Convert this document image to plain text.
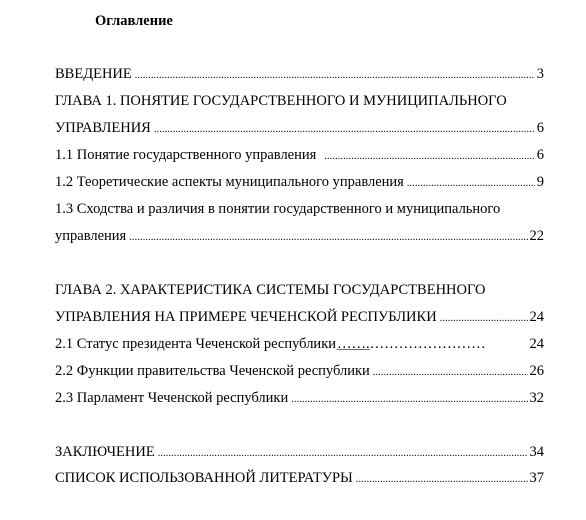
Оглавление
ВВЕДЕНИЕ .....	3
ГЛАВА 1. ПОНЯТИЕ ГОСУДАРСТВЕННОГО И МУНИЦИПАЛЬНОГО
УПРАВЛЕНИЯ .....	6
1.1 Понятие государственного управления .....	6
1.2 Теоретические аспекты муниципального управления .....	9
1.3 Сходства и различия в понятии государственного и муниципального
управления .....	22
ГЛАВА 2. ХАРАКТЕРИСТИКА СИСТЕМЫ ГОСУДАРСТВЕННОГО
УПРАВЛЕНИЯ НА ПРИМЕРЕ ЧЕЧЕНСКОЙ РЕСПУБЛИКИ .....	24
2.1 Статус президента Чеченской республики …….……………………	24
2.2 Функции правительства Чеченской республики .....	26
2.3 Парламент Чеченской республики .....	32
ЗАКЛЮЧЕНИЕ .....	34
СПИСОК ИСПОЛЬЗОВАННОЙ ЛИТЕРАТУРЫ .....	37
